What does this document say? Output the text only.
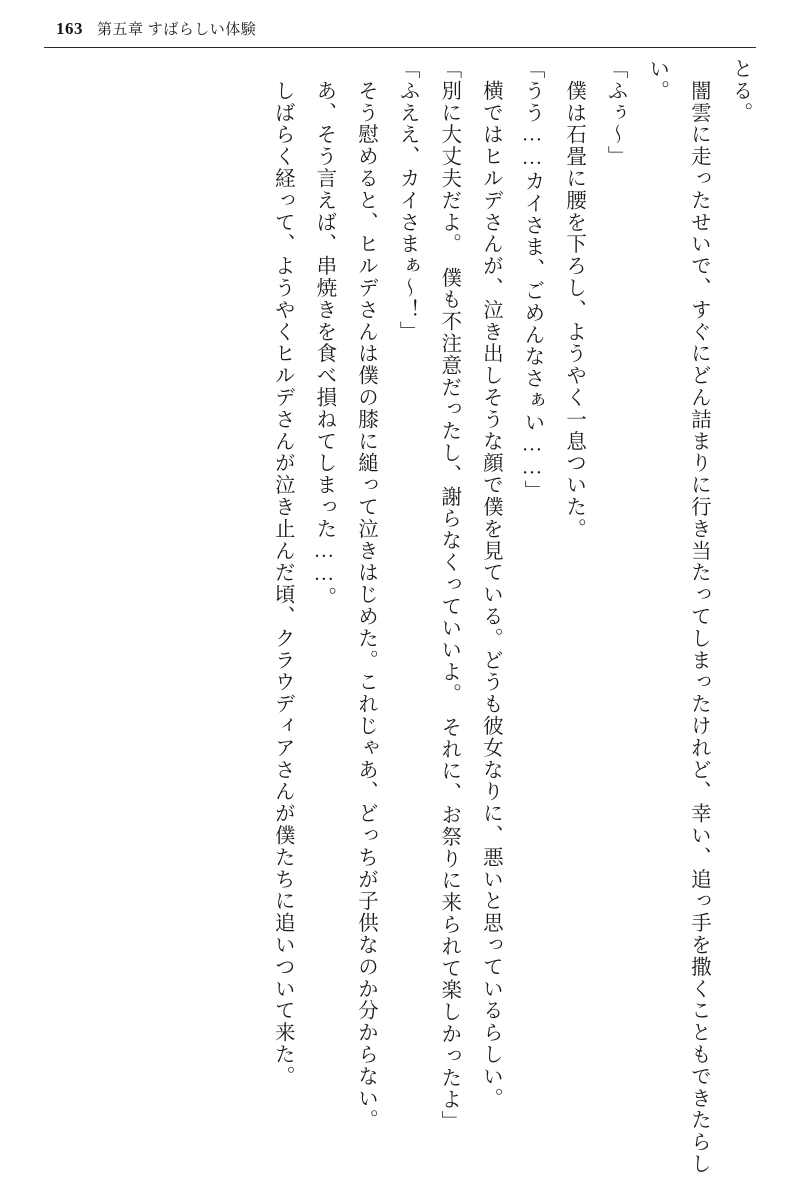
163 第五章 すばらしい体験

とる。

　闇雲に走ったせいで、すぐにどん詰まりに行き当たってしまったけれど、幸い、追っ手を撒くこともできたらしい。

「ふぅ～」

　僕は石畳に腰を下ろし、ようやく一息ついた。

「うう……カイさま、ごめんなさぁい……」

　横ではヒルデさんが、泣き出しそうな顔で僕を見ている。どうも彼女なりに、悪いと思っているらしい。

「別に大丈夫だよ。　僕も不注意だったし、謝らなくっていいよ。　それに、お祭りに来られて楽しかったよ」

「ふええ、カイさまぁ～！」

　そう慰めると、ヒルデさんは僕の膝に縋って泣きはじめた。これじゃあ、どっちが子供なのか分からない。

　あ、そう言えば、串焼きを食べ損ねてしまった……。

　しばらく経って、ようやくヒルデさんが泣き止んだ頃、クラウディアさんが僕たちに追いついて来た。
